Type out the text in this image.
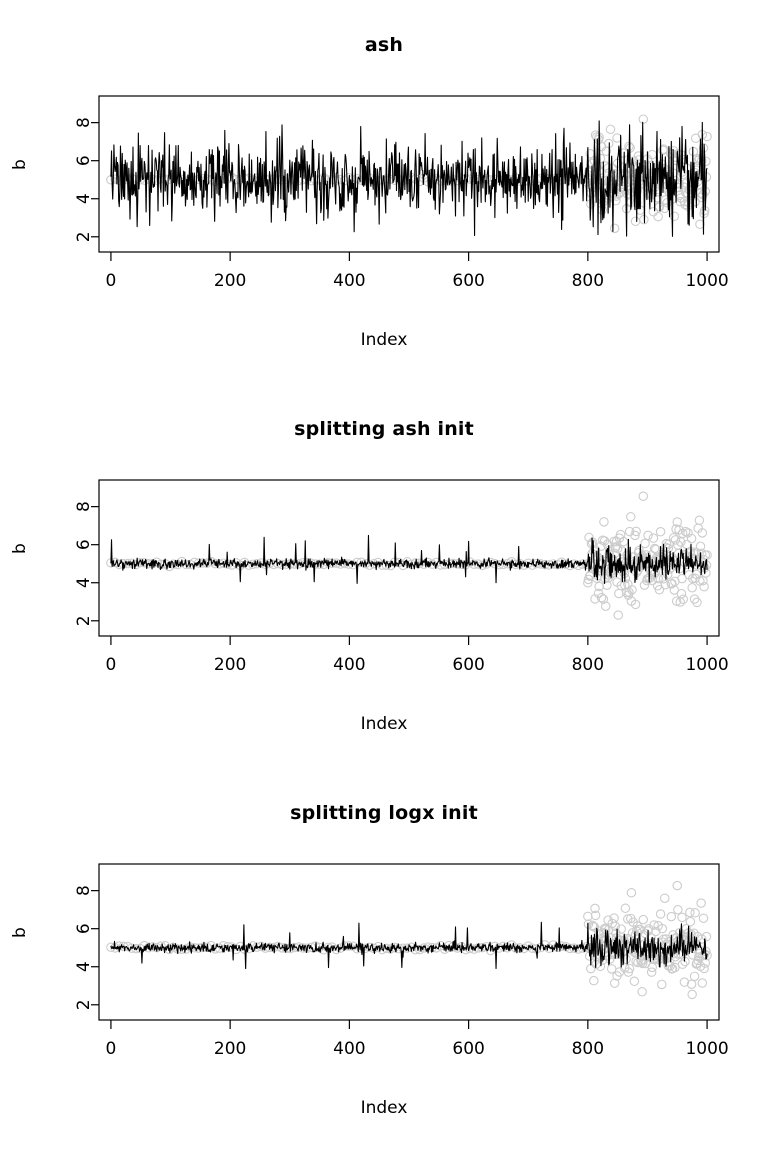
ash
b
Index
2
4
6
8
0	200	400	600	800	1000
splitting ash init
b
Index
2
4
6
8
0	200	400	600	800	1000
splitting logx init
b
Index
2
4
6
8
0	200	400	600	800	1000
